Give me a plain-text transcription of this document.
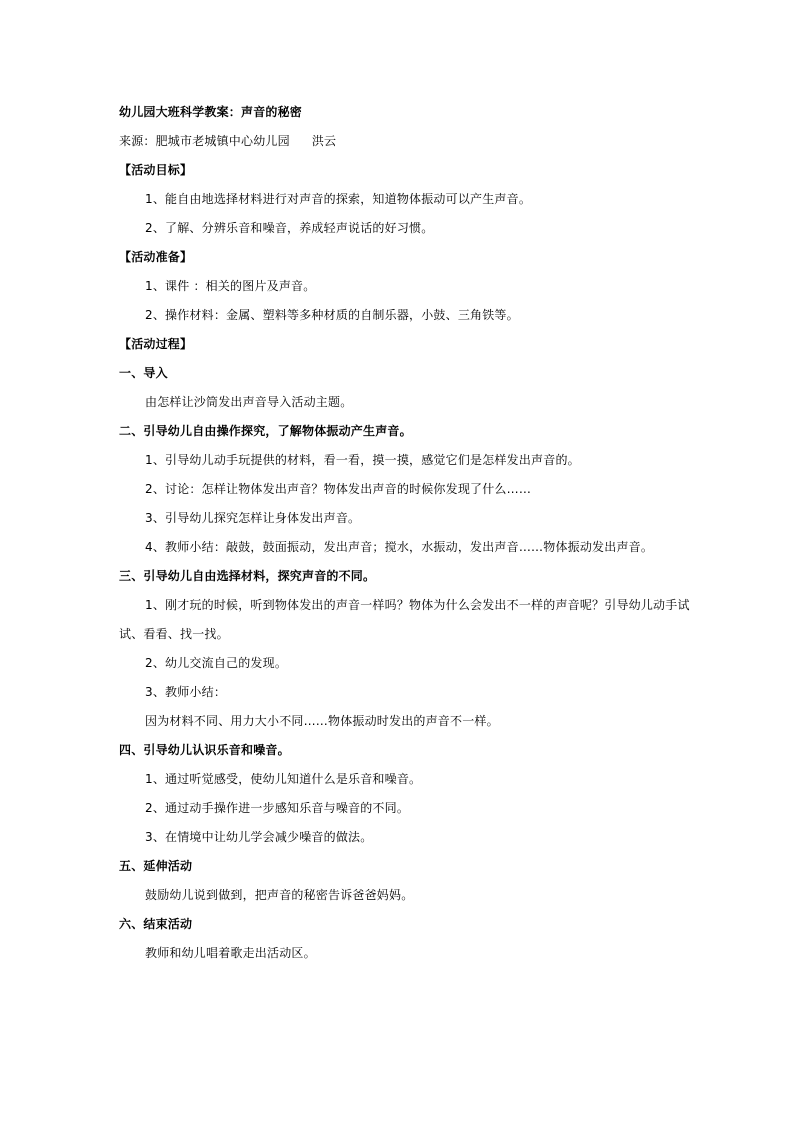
幼儿园大班科学教案：声音的秘密
来源：肥城市老城镇中心幼儿园 洪云
【活动目标】
1、能自由地选择材料进行对声音的探索，知道物体振动可以产生声音。
2、了解、分辨乐音和噪音，养成轻声说话的好习惯。
【活动准备】
1、课件 ：相关的图片及声音。
2、操作材料：金属、塑料等多种材质的自制乐器，小鼓、三角铁等。
【活动过程】
一、导入
由怎样让沙筒发出声音导入活动主题。
二、引导幼儿自由操作探究，了解物体振动产生声音。
1、引导幼儿动手玩提供的材料，看一看，摸一摸，感觉它们是怎样发出声音的。
2、讨论：怎样让物体发出声音？物体发出声音的时候你发现了什么……
3、引导幼儿探究怎样让身体发出声音。
4、教师小结：敲鼓，鼓面振动，发出声音；搅水，水振动，发出声音……物体振动发出声音。
三、引导幼儿自由选择材料，探究声音的不同。
1、刚才玩的时候，听到物体发出的声音一样吗？物体为什么会发出不一样的声音呢？引导幼儿动手试
试、看看、找一找。
2、幼儿交流自己的发现。
3、教师小结：
因为材料不同、用力大小不同……物体振动时发出的声音不一样。
四、引导幼儿认识乐音和噪音。
1、通过听觉感受，使幼儿知道什么是乐音和噪音。
2、通过动手操作进一步感知乐音与噪音的不同。
3、在情境中让幼儿学会减少噪音的做法。
五、延伸活动
鼓励幼儿说到做到，把声音的秘密告诉爸爸妈妈。
六、结束活动
教师和幼儿唱着歌走出活动区。
